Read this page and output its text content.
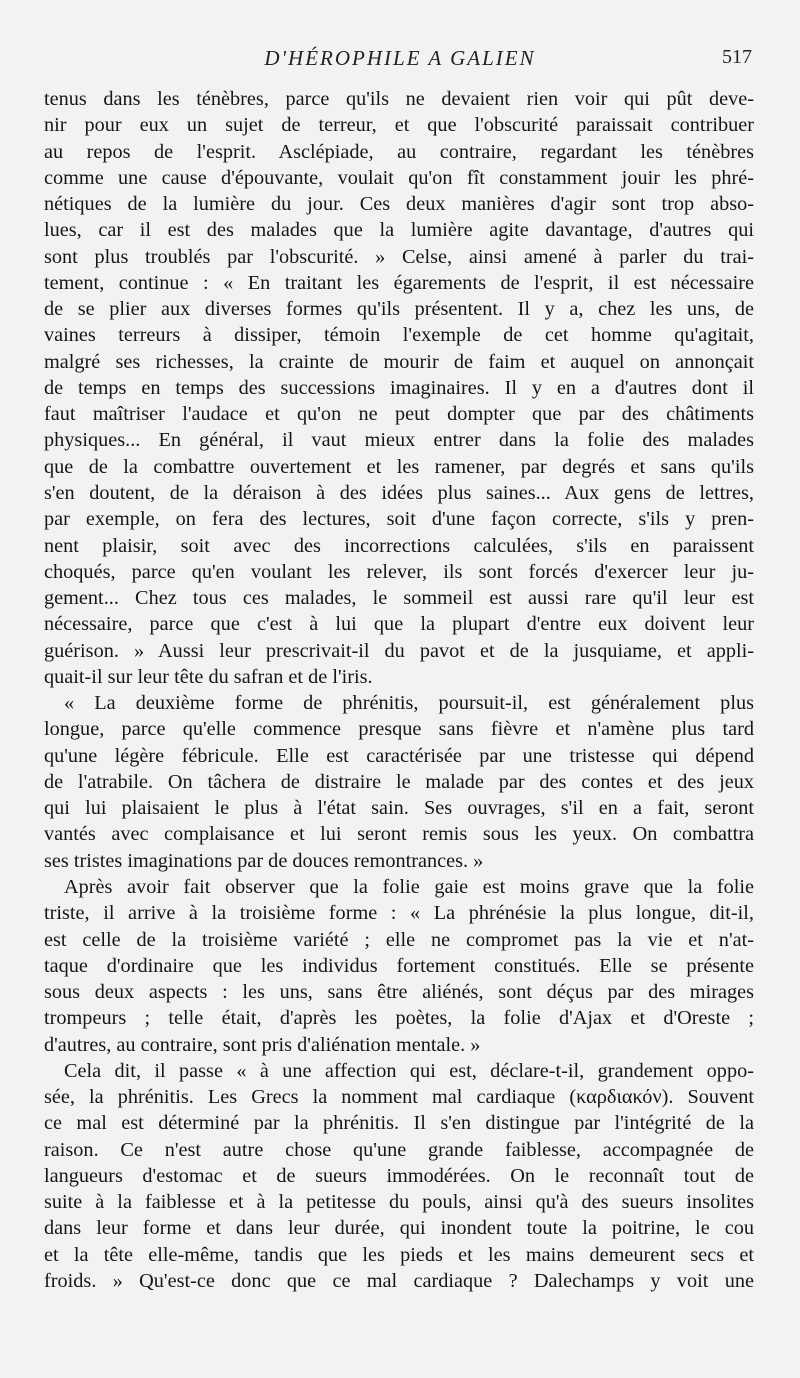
D'HÉROPHILE A GALIEN	517
tenus dans les ténèbres, parce qu'ils ne devaient rien voir qui pût deve-
nir pour eux un sujet de terreur, et que l'obscurité paraissait contribuer
au repos de l'esprit. Asclépiade, au contraire, regardant les ténèbres
comme une cause d'épouvante, voulait qu'on fît constamment jouir les phré-
nétiques de la lumière du jour. Ces deux manières d'agir sont trop abso-
lues, car il est des malades que la lumière agite davantage, d'autres qui
sont plus troublés par l'obscurité. » Celse, ainsi amené à parler du trai-
tement, continue : « En traitant les égarements de l'esprit, il est nécessaire
de se plier aux diverses formes qu'ils présentent. Il y a, chez les uns, de
vaines terreurs à dissiper, témoin l'exemple de cet homme qu'agitait,
malgré ses richesses, la crainte de mourir de faim et auquel on annonçait
de temps en temps des successions imaginaires. Il y en a d'autres dont il
faut maîtriser l'audace et qu'on ne peut dompter que par des châtiments
physiques... En général, il vaut mieux entrer dans la folie des malades
que de la combattre ouvertement et les ramener, par degrés et sans qu'ils
s'en doutent, de la déraison à des idées plus saines... Aux gens de lettres,
par exemple, on fera des lectures, soit d'une façon correcte, s'ils y pren-
nent plaisir, soit avec des incorrections calculées, s'ils en paraissent
choqués, parce qu'en voulant les relever, ils sont forcés d'exercer leur ju-
gement... Chez tous ces malades, le sommeil est aussi rare qu'il leur est
nécessaire, parce que c'est à lui que la plupart d'entre eux doivent leur
guérison. » Aussi leur prescrivait-il du pavot et de la jusquiame, et appli-
quait-il sur leur tête du safran et de l'iris.
« La deuxième forme de phrénitis, poursuit-il, est généralement plus
longue, parce qu'elle commence presque sans fièvre et n'amène plus tard
qu'une légère fébricule. Elle est caractérisée par une tristesse qui dépend
de l'atrabile. On tâchera de distraire le malade par des contes et des jeux
qui lui plaisaient le plus à l'état sain. Ses ouvrages, s'il en a fait, seront
vantés avec complaisance et lui seront remis sous les yeux. On combattra
ses tristes imaginations par de douces remontrances. »
Après avoir fait observer que la folie gaie est moins grave que la folie
triste, il arrive à la troisième forme : « La phrénésie la plus longue, dit-il,
est celle de la troisième variété ; elle ne compromet pas la vie et n'at-
taque d'ordinaire que les individus fortement constitués. Elle se présente
sous deux aspects : les uns, sans être aliénés, sont déçus par des mirages
trompeurs ; telle était, d'après les poètes, la folie d'Ajax et d'Oreste ;
d'autres, au contraire, sont pris d'aliénation mentale. »
Cela dit, il passe « à une affection qui est, déclare-t-il, grandement oppo-
sée, la phrénitis. Les Grecs la nomment mal cardiaque (καρδιακόν). Souvent
ce mal est déterminé par la phrénitis. Il s'en distingue par l'intégrité de la
raison. Ce n'est autre chose qu'une grande faiblesse, accompagnée de
langueurs d'estomac et de sueurs immodérées. On le reconnaît tout de
suite à la faiblesse et à la petitesse du pouls, ainsi qu'à des sueurs insolites
dans leur forme et dans leur durée, qui inondent toute la poitrine, le cou
et la tête elle-même, tandis que les pieds et les mains demeurent secs et
froids. » Qu'est-ce donc que ce mal cardiaque ? Dalechamps y voit une
